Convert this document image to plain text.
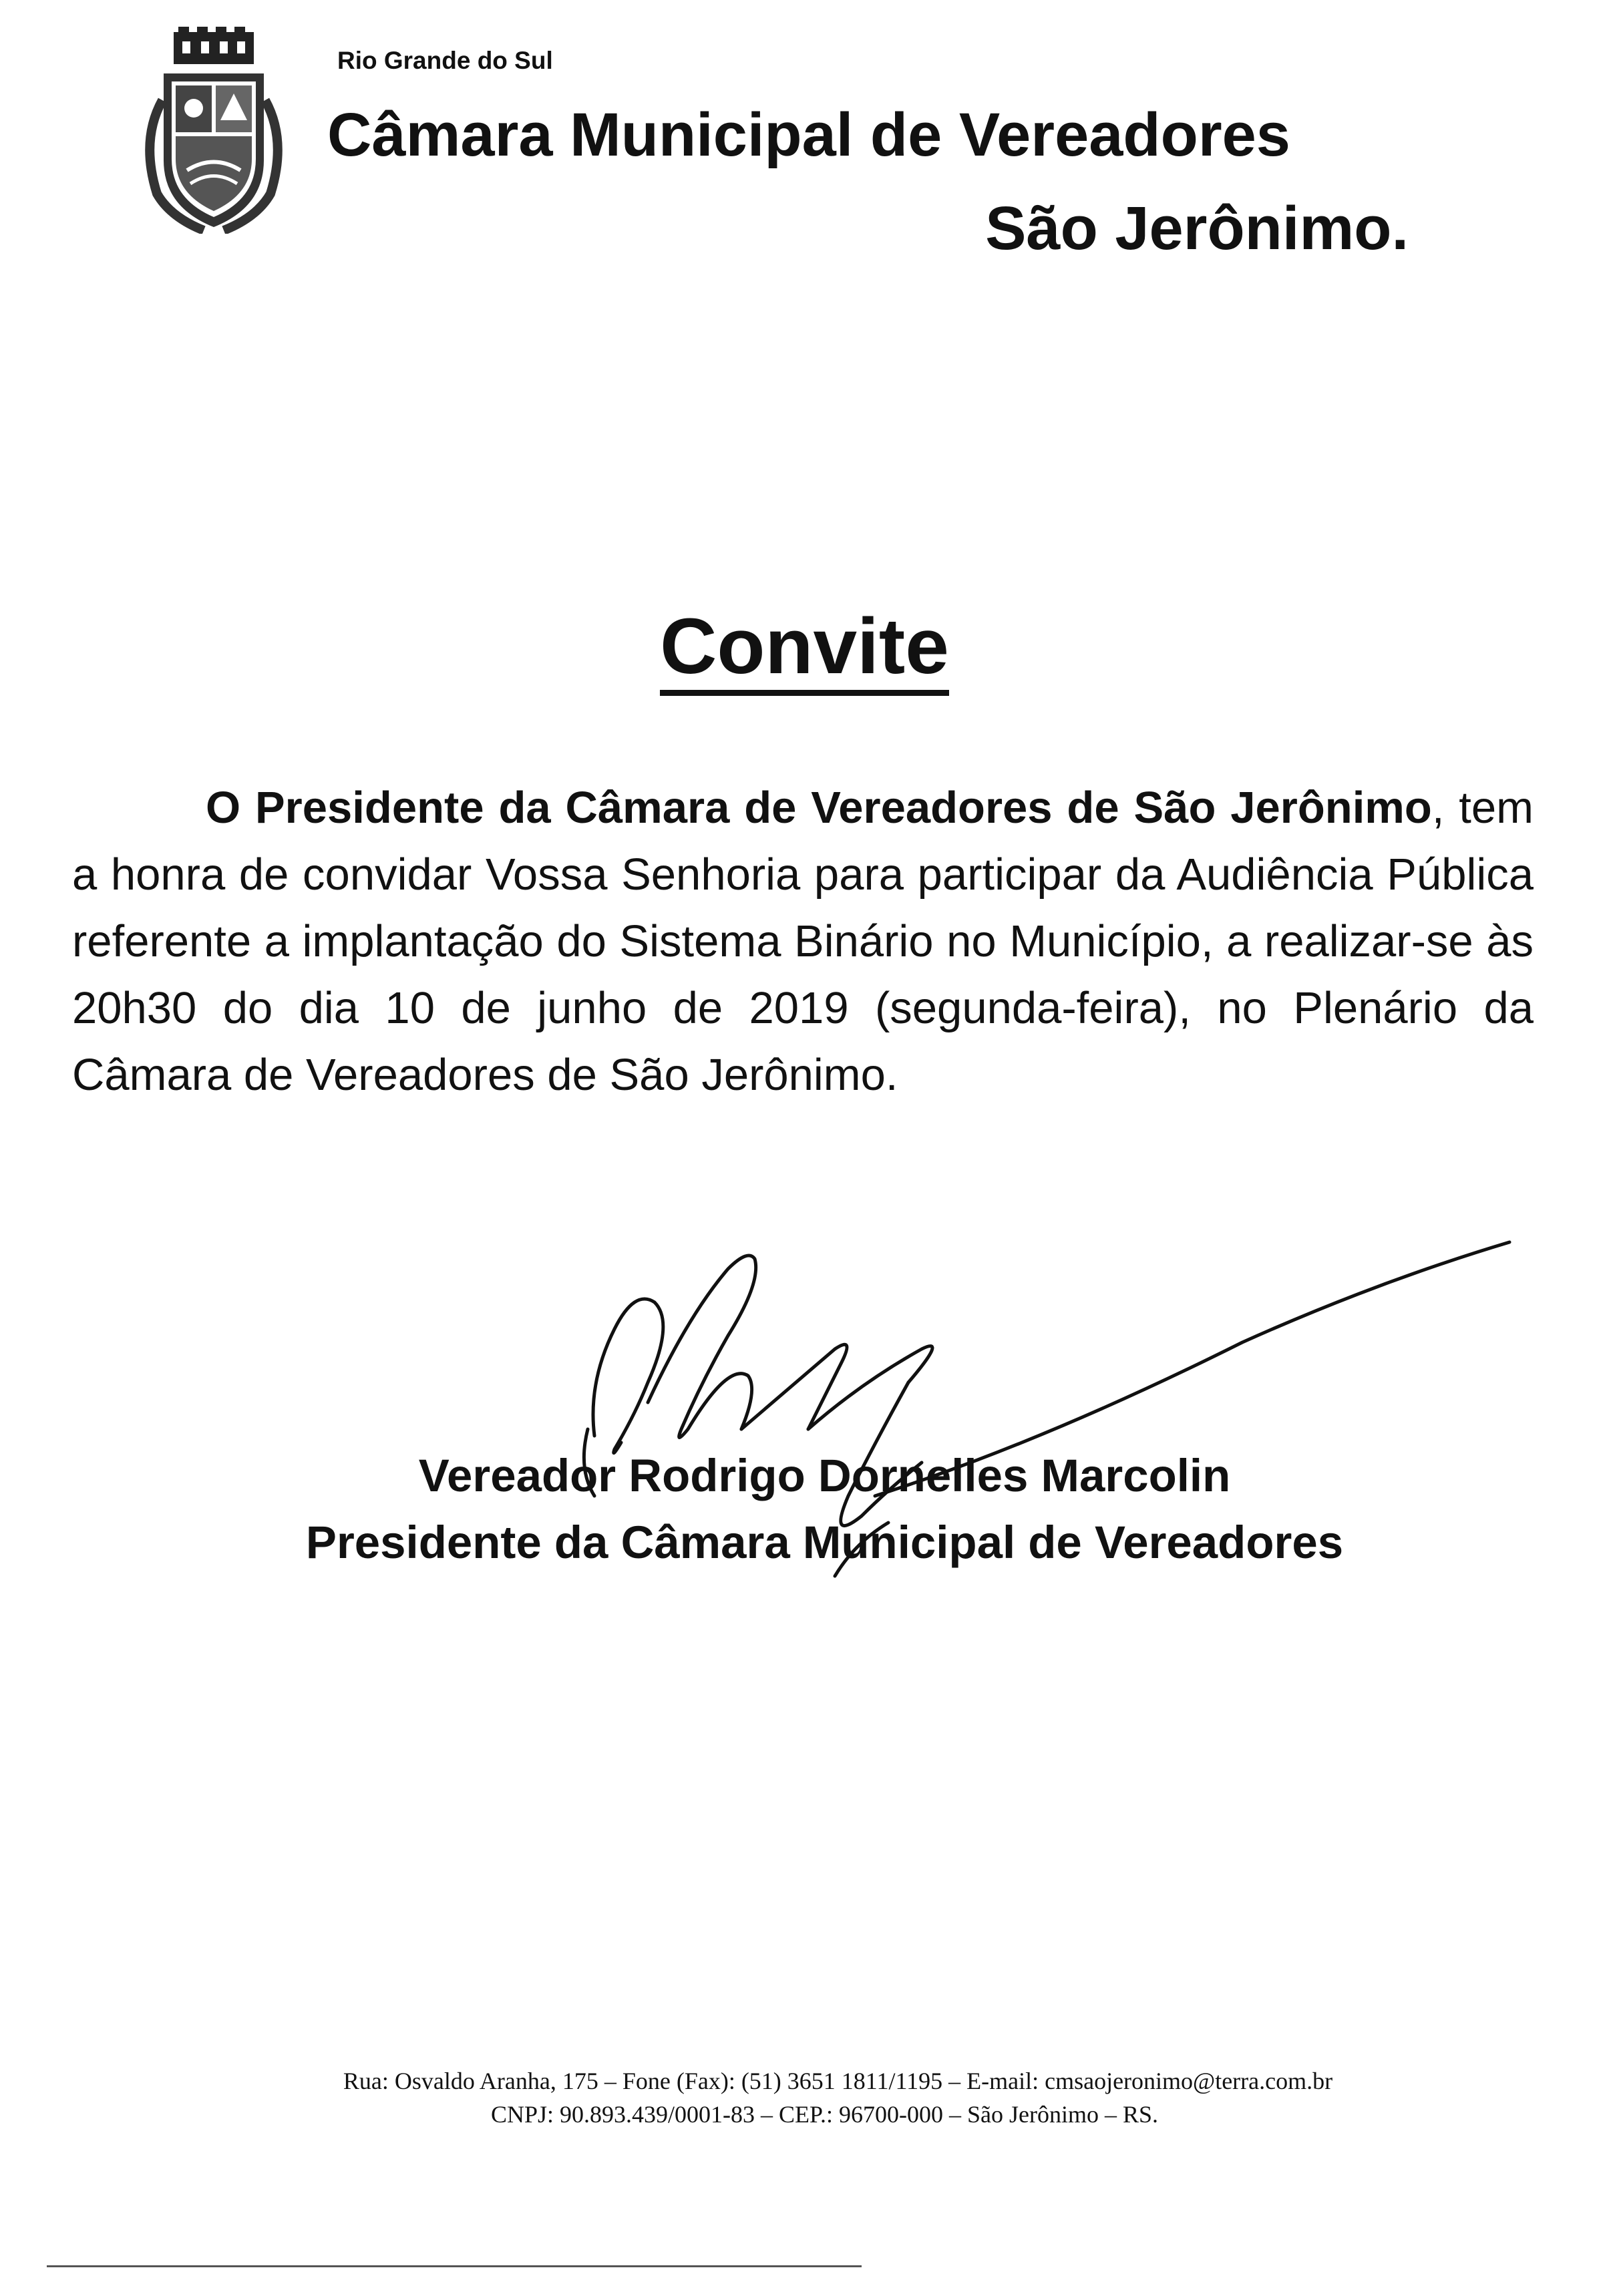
Rio Grande do Sul
Câmara Municipal de Vereadores
São Jerônimo.
Convite
O Presidente da Câmara de Vereadores de São Jerônimo, tem a honra de convidar Vossa Senhoria para participar da Audiência Pública referente a implantação do Sistema Binário no Município, a realizar-se às 20h30 do dia 10 de junho de 2019 (segunda-feira), no Plenário da Câmara de Vereadores de São Jerônimo.
Vereador Rodrigo Dornelles Marcolin
Presidente da Câmara Municipal de Vereadores
Rua: Osvaldo Aranha, 175 – Fone (Fax): (51) 3651 1811/1195 – E-mail: cmsaojeronimo@terra.com.br
CNPJ: 90.893.439/0001-83 – CEP.: 96700-000 – São Jerônimo – RS.
